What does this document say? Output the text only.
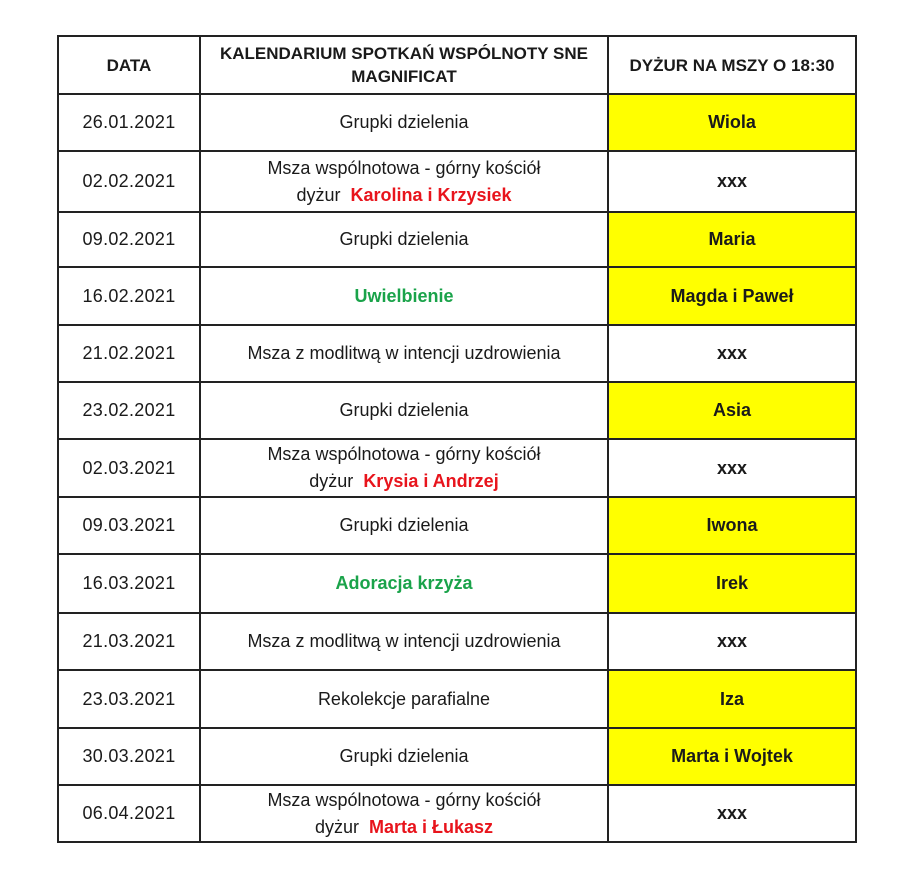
DATA	KALENDARIUM SPOTKAŃ WSPÓLNOTY SNE MAGNIFICAT	DYŻUR NA MSZY O 18:30
26.01.2021	Grupki dzielenia	Wiola
02.02.2021	Msza wspólnotowa - górny kościół
dyżur Karolina i Krzysiek	xxx
09.02.2021	Grupki dzielenia	Maria
16.02.2021	Uwielbienie	Magda i Paweł
21.02.2021	Msza z modlitwą w intencji uzdrowienia	xxx
23.02.2021	Grupki dzielenia	Asia
02.03.2021	Msza wspólnotowa - górny kościół
dyżur Krysia i Andrzej	xxx
09.03.2021	Grupki dzielenia	Iwona
16.03.2021	Adoracja krzyża	Irek
21.03.2021	Msza z modlitwą w intencji uzdrowienia	xxx
23.03.2021	Rekolekcje parafialne	Iza
30.03.2021	Grupki dzielenia	Marta i Wojtek
06.04.2021	Msza wspólnotowa - górny kościół
dyżur Marta i Łukasz	xxx
